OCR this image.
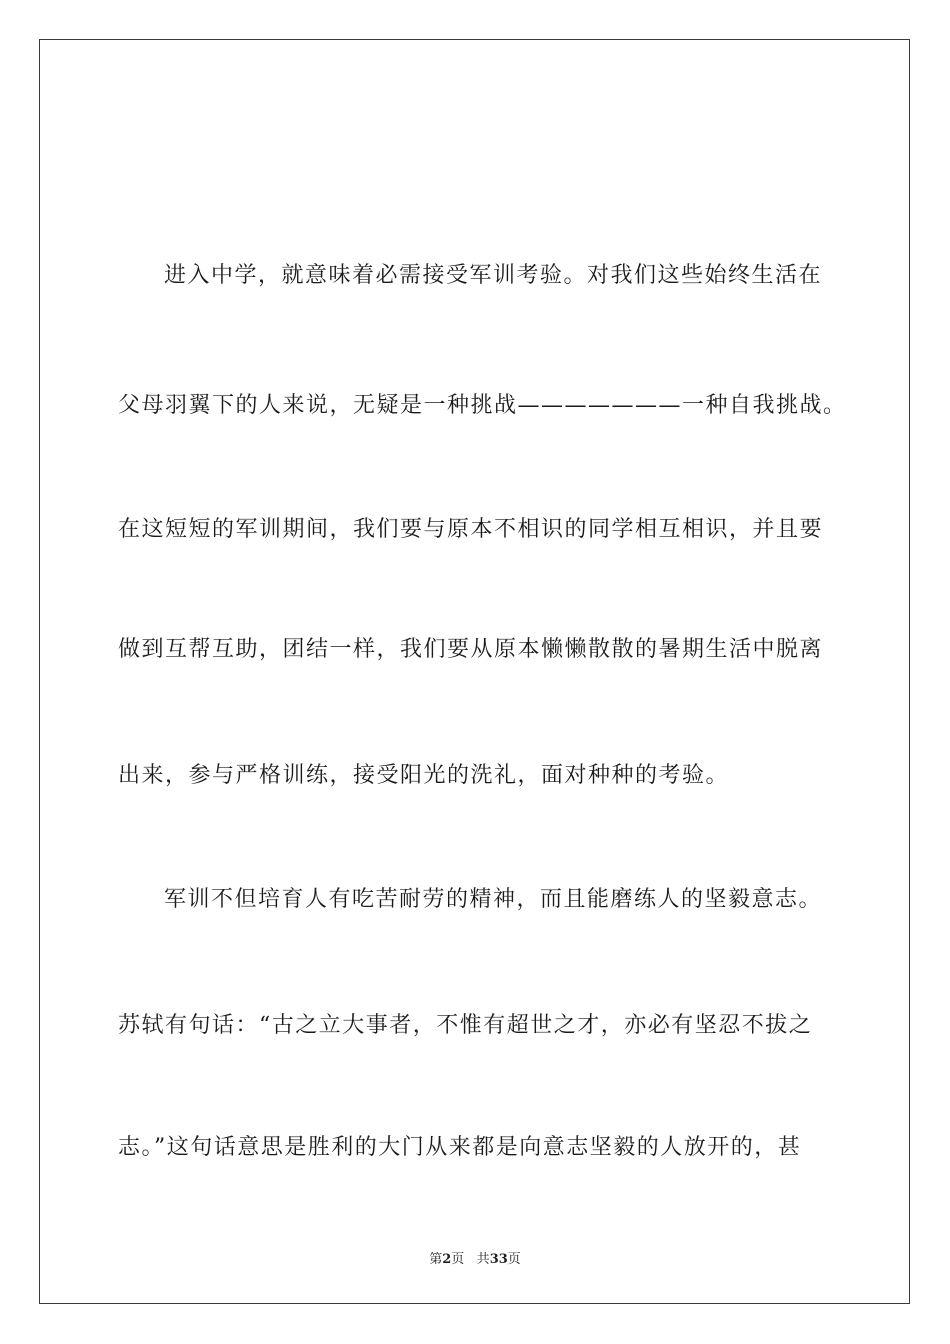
进入中学，就意味着必需接受军训考验。对我们这些始终生活在
父母羽翼下的人来说，无疑是一种挑战———————一种自我挑战。
在这短短的军训期间，我们要与原本不相识的同学相互相识，并且要
做到互帮互助，团结一样，我们要从原本懒懒散散的暑期生活中脱离
出来，参与严格训练，接受阳光的洗礼，面对种种的考验。
军训不但培育人有吃苦耐劳的精神，而且能磨练人的坚毅意志。
苏轼有句话：“古之立大事者，不惟有超世之才，亦必有坚忍不拔之
志。”这句话意思是胜利的大门从来都是向意志坚毅的人放开的，甚
第2页 共33页
